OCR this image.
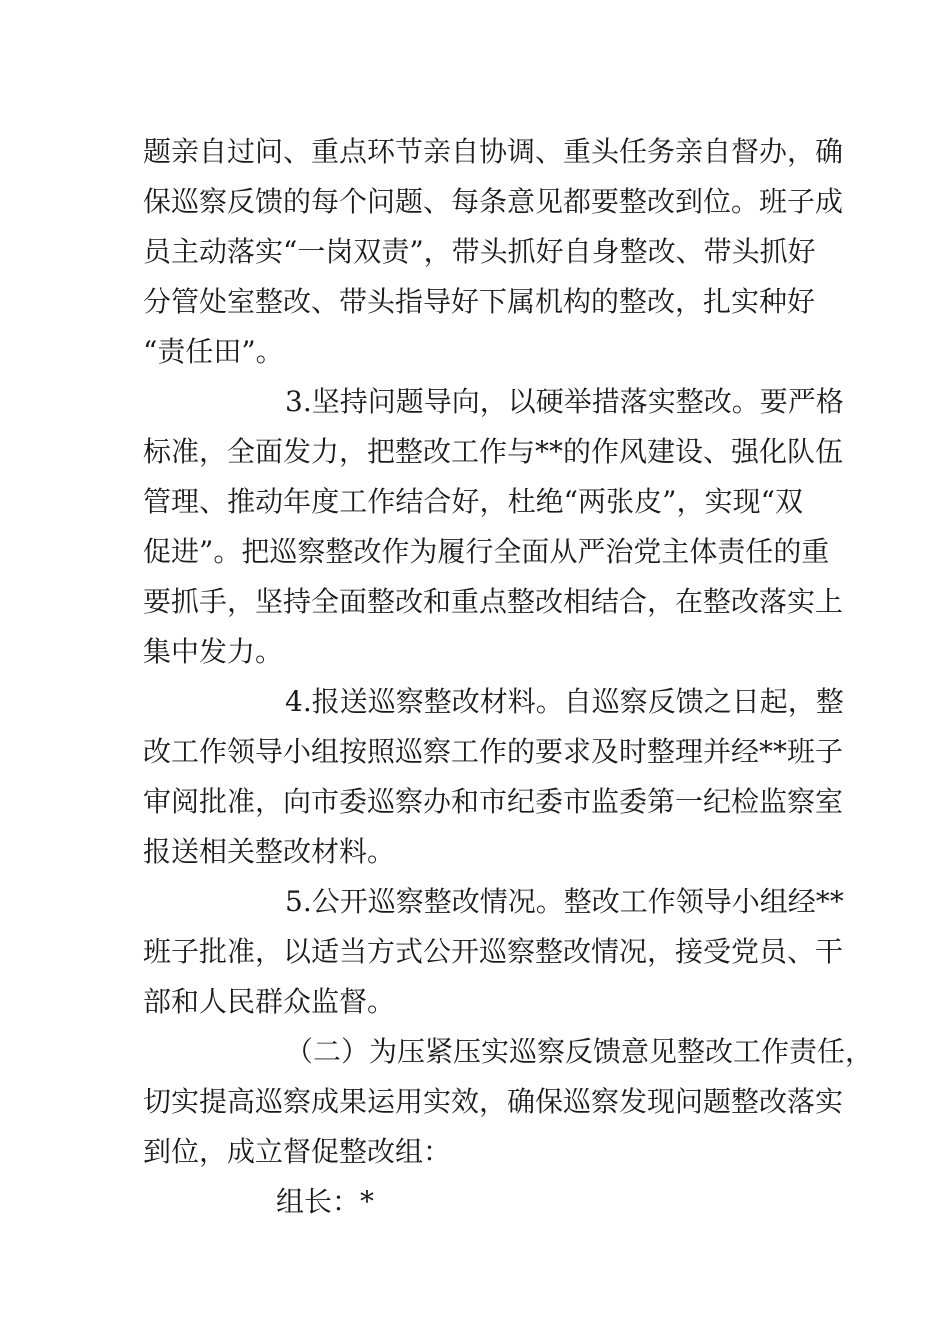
题亲自过问、重点环节亲自协调、重头任务亲自督办，确
保巡察反馈的每个问题、每条意见都要整改到位。班子成
员主动落实“一岗双责”，带头抓好自身整改、带头抓好
分管处室整改、带头指导好下属机构的整改，扎实种好
“责任田”。
3.坚持问题导向，以硬举措落实整改。要严格
标准，全面发力，把整改工作与**的作风建设、强化队伍
管理、推动年度工作结合好，杜绝“两张皮”，实现“双
促进”。把巡察整改作为履行全面从严治党主体责任的重
要抓手，坚持全面整改和重点整改相结合，在整改落实上
集中发力。
4.报送巡察整改材料。自巡察反馈之日起，整
改工作领导小组按照巡察工作的要求及时整理并经**班子
审阅批准，向市委巡察办和市纪委市监委第一纪检监察室
报送相关整改材料。
5.公开巡察整改情况。整改工作领导小组经**
班子批准，以适当方式公开巡察整改情况，接受党员、干
部和人民群众监督。
（二）为压紧压实巡察反馈意见整改工作责任，
切实提高巡察成果运用实效，确保巡察发现问题整改落实
到位，成立督促整改组：
组长：*
